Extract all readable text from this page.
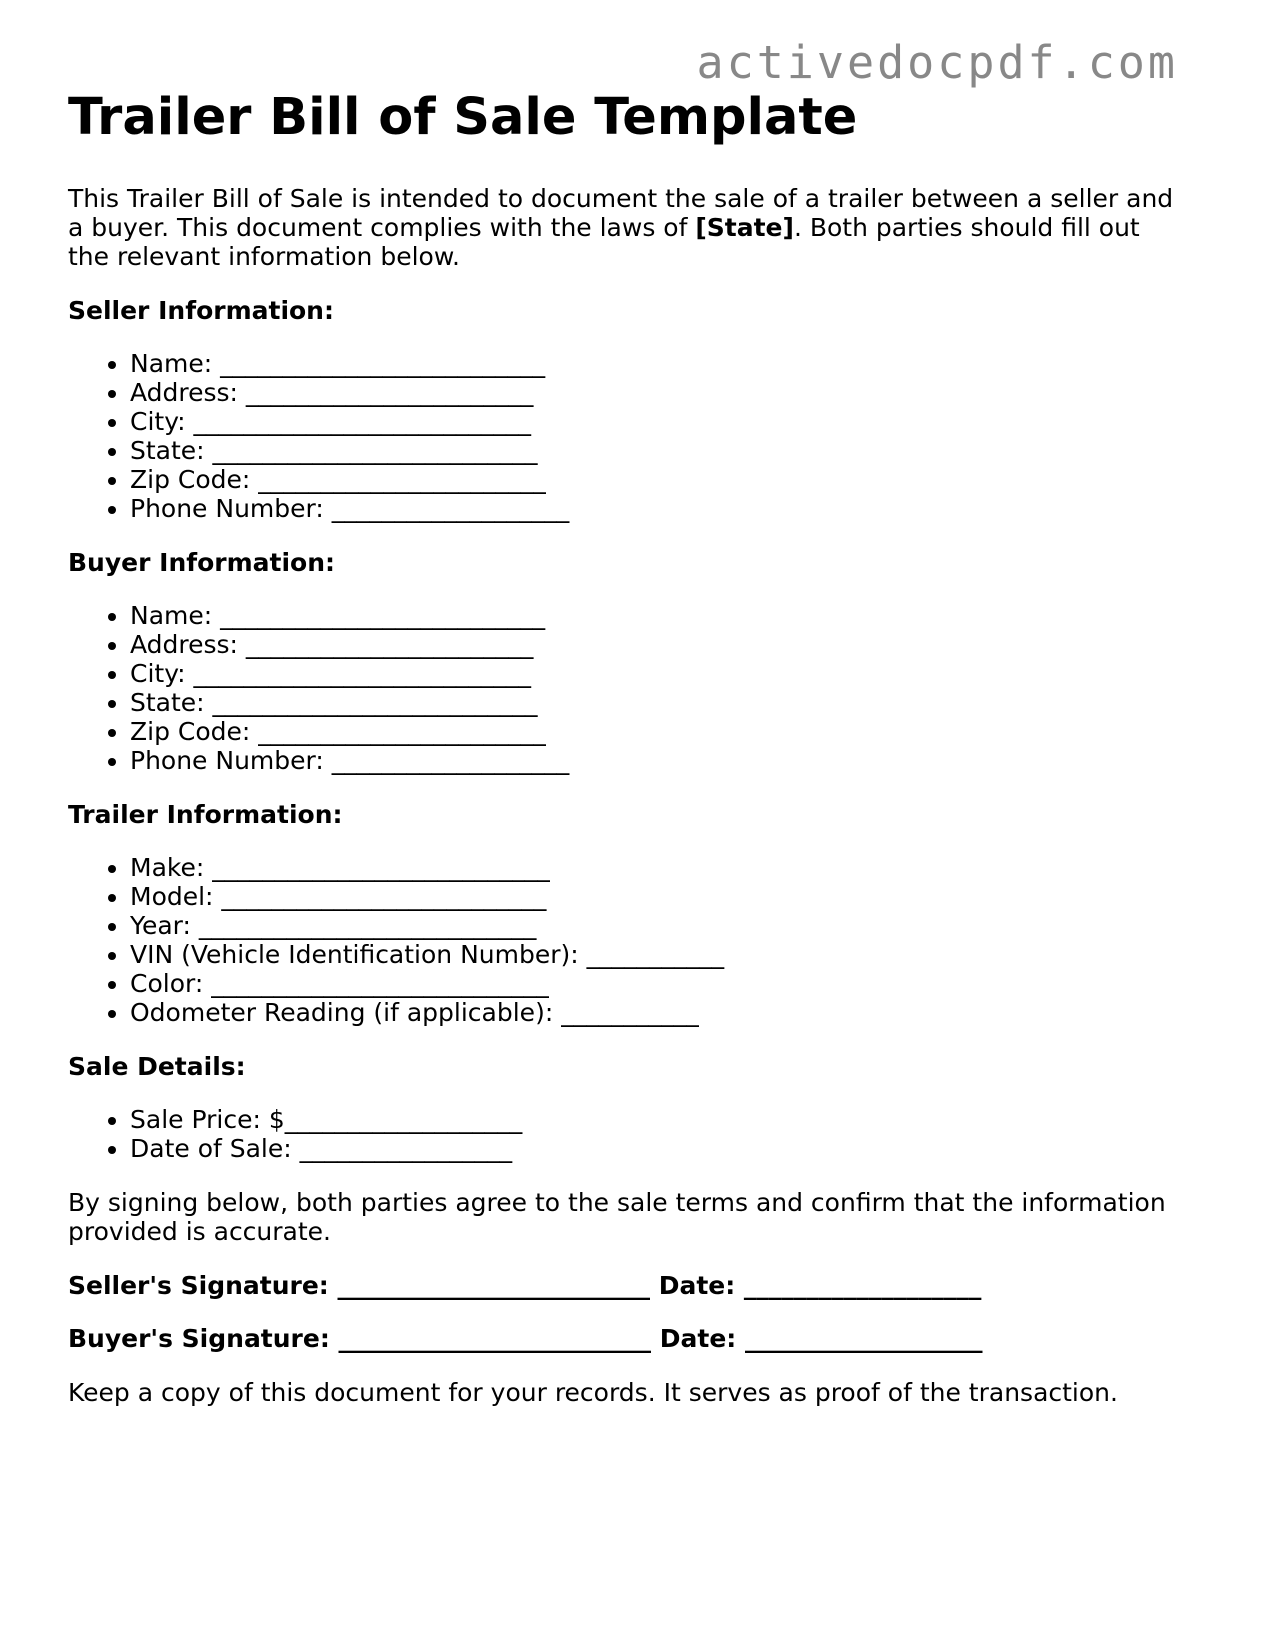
activedocpdf.com
Trailer Bill of Sale Template

This Trailer Bill of Sale is intended to document the sale of a trailer between a seller and a buyer. This document complies with the laws of [State]. Both parties should fill out the relevant information below.

Seller Information:
• Name: __________________________
• Address: _______________________
• City: ___________________________
• State: __________________________
• Zip Code: _______________________
• Phone Number: ___________________
Buyer Information:
• Name: __________________________
• Address: _______________________
• City: ___________________________
• State: __________________________
• Zip Code: _______________________
• Phone Number: ___________________
Trailer Information:
• Make: ___________________________
• Model: __________________________
• Year: ___________________________
• VIN (Vehicle Identification Number): ___________
• Color: ___________________________
• Odometer Reading (if applicable): ___________
Sale Details:
• Sale Price: $___________________
• Date of Sale: _________________

By signing below, both parties agree to the sale terms and confirm that the information provided is accurate.

Seller's Signature: _________________________ Date: ___________________
Buyer's Signature: _________________________ Date: ___________________

Keep a copy of this document for your records. It serves as proof of the transaction.
